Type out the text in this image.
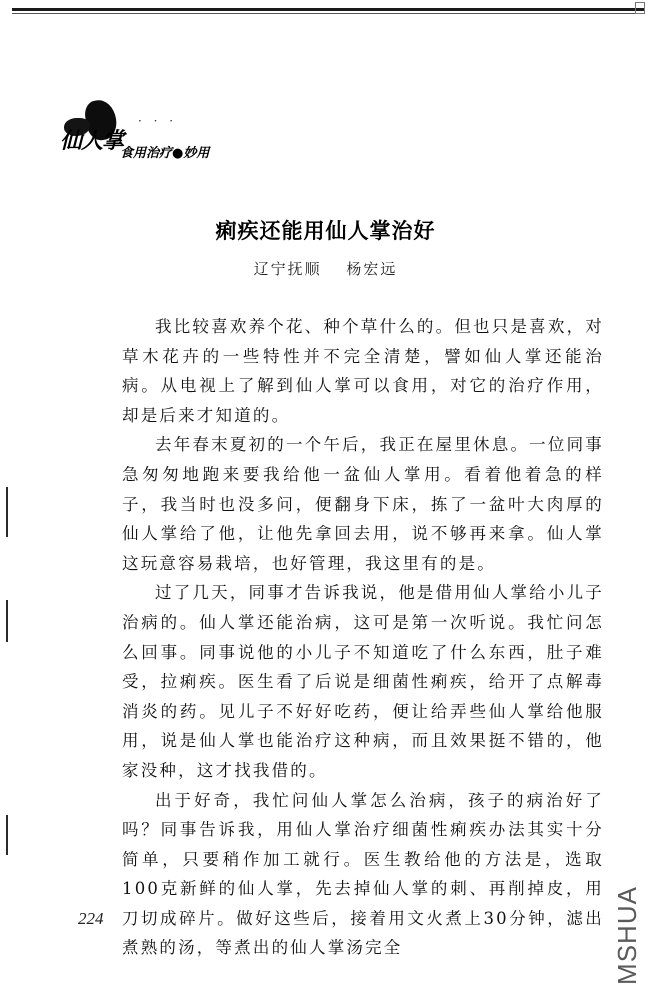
· · ·
仙人掌
食用治疗●妙用
痢疾还能用仙人掌治好
辽宁抚顺 杨宏远

我比较喜欢养个花、种个草什么的。但也只是喜欢，对草木花卉的一些特性并不完全清楚，譬如仙人掌还能治病。从电视上了解到仙人掌可以食用，对它的治疗作用，却是后来才知道的。

去年春末夏初的一个午后，我正在屋里休息。一位同事急匆匆地跑来要我给他一盆仙人掌用。看着他着急的样子，我当时也没多问，便翻身下床，拣了一盆叶大肉厚的仙人掌给了他，让他先拿回去用，说不够再来拿。仙人掌这玩意容易栽培，也好管理，我这里有的是。

过了几天，同事才告诉我说，他是借用仙人掌给小儿子治病的。仙人掌还能治病，这可是第一次听说。我忙问怎么回事。同事说他的小儿子不知道吃了什么东西，肚子难受，拉痢疾。医生看了后说是细菌性痢疾，给开了点解毒消炎的药。见儿子不好好吃药，便让给弄些仙人掌给他服用，说是仙人掌也能治疗这种病，而且效果挺不错的，他家没种，这才找我借的。

出于好奇，我忙问仙人掌怎么治病，孩子的病治好了吗？同事告诉我，用仙人掌治疗细菌性痢疾办法其实十分简单，只要稍作加工就行。医生教给他的方法是，选取100克新鲜的仙人掌，先去掉仙人掌的刺、再削掉皮，用刀切成碎片。做好这些后，接着用文火煮上30分钟，滤出煮熟的汤，等煮出的仙人掌汤完全

224	MSHUA
